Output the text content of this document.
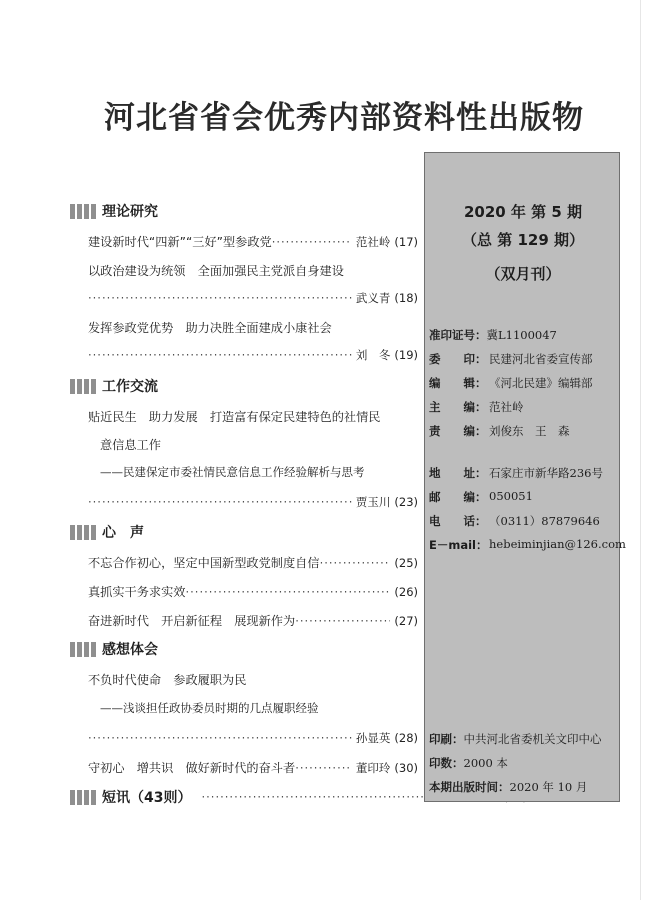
河北省省会优秀内部资料性出版物
理论研究
建设新时代“四新”“三好”型参政党 ·····	范社岭 (17)
以政治建设为统领　全面加强民主党派自身建设
·····
武义青 (18)
发挥参政党优势　助力决胜全面建成小康社会
·····
刘　冬 (19)
工作交流
贴近民生　助力发展　打造富有保定民建特色的社情民
意信息工作
——民建保定市委社情民意信息工作经验解析与思考
·····
贾玉川 (23)
心　声
不忘合作初心，坚定中国新型政党制度自信 ·····	(25)
真抓实干务求实效 ·····	(26)
奋进新时代　开启新征程　展现新作为 ·····	(27)
感想体会
不负时代使命　参政履职为民
——浅谈担任政协委员时期的几点履职经验
·····
孙显英 (28)
守初心　增共识　做好新时代的奋斗者 ·····	董印玲 (30)
短讯（43则）
·····
2020 年 第 5 期
（总 第 129 期）
（双月刊）
准印证号： 冀L1100047
委　　印： 民建河北省委宣传部
编　　辑： 《河北民建》编辑部
主　　编： 范社岭
责　　编： 刘俊东　王　森
地　　址： 石家庄市新华路236号
邮　　编： 050051
电　　话： （0311）87879646
E－mail： hebeiminjian@126.com
印刷： 中共河北省委机关文印中心
印数： 2000 本
本期出版时间： 2020 年 10 月
